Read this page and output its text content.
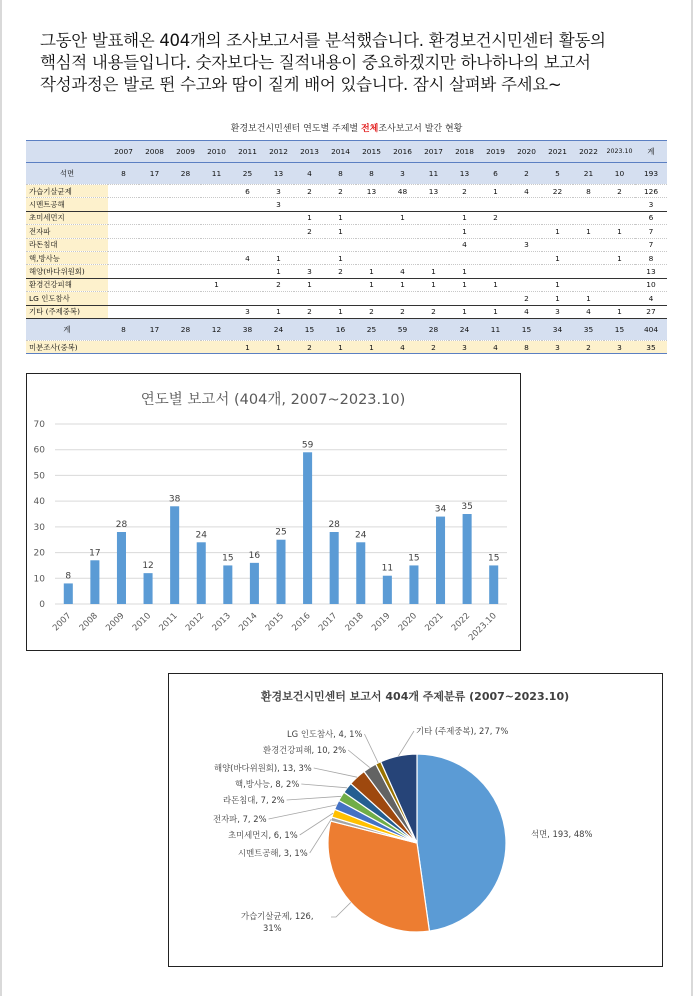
그동안 발표해온 404개의 조사보고서를 분석했습니다. 환경보건시민센터 활동의
핵심적 내용들입니다. 숫자보다는 질적내용이 중요하겠지만 하나하나의 보고서
작성과정은 발로 뛴 수고와 땀이 짙게 배어 있습니다. 잠시 살펴봐 주세요~
환경보건시민센터 연도별 주제별 전체조사보고서 발간 현황
	2007	2008	2009	2010	2011	2012	2013	2014	2015	2016	2017	2018	2019	2020	2021	2022	2023.10	계
석면	8	17	28	11	25	13	4	8	8	3	11	13	6	2	5	21	10	193
가습기살균제					6	3	2	2	13	48	13	2	1	4	22	8	2	126
시멘트공해						3												3
초미세먼지							1	1		1		1	2					6
전자파							2	1				1			1	1	1	7
라돈침대												4		3				7
핵,방사능					4	1		1							1		1	8
해양(바다위원회)						1	3	2	1	4	1	1						13
환경건강피해				1		2	1		1	1	1	1	1		1			10
LG 인도참사														2	1	1		4
기타 (주제중복)					3	1	2	1	2	2	2	1	1	4	3	4	1	27
계	8	17	28	12	38	24	15	16	25	59	28	24	11	15	34	35	15	404
미분조사(중복)					1	1	2	1	1	4	2	3	4	8	3	2	3	35
연도별 보고서 (404개, 2007~2023.10)
0
10
20
30
40
50
60
70
8
2007
17
2008
28
2009
12
2010
38
2011
24
2012
15
2013
16
2014
25
2015
59
2016
28
2017
24
2018
11
2019
15
2020
34
2021
35
2022
15
2023.10
환경보건시민센터 보고서 404개 주제분류 (2007~2023.10)
석면, 193, 48%
가습기살균제, 126,
31%
시멘트공해, 3, 1%
초미세먼지, 6, 1%
전자파, 7, 2%
라돈침대, 7, 2%
핵,방사능, 8, 2%
해양(바다위원회), 13, 3%
환경건강피해, 10, 2%
LG 인도참사, 4, 1%	기타 (주제중복), 27, 7%
